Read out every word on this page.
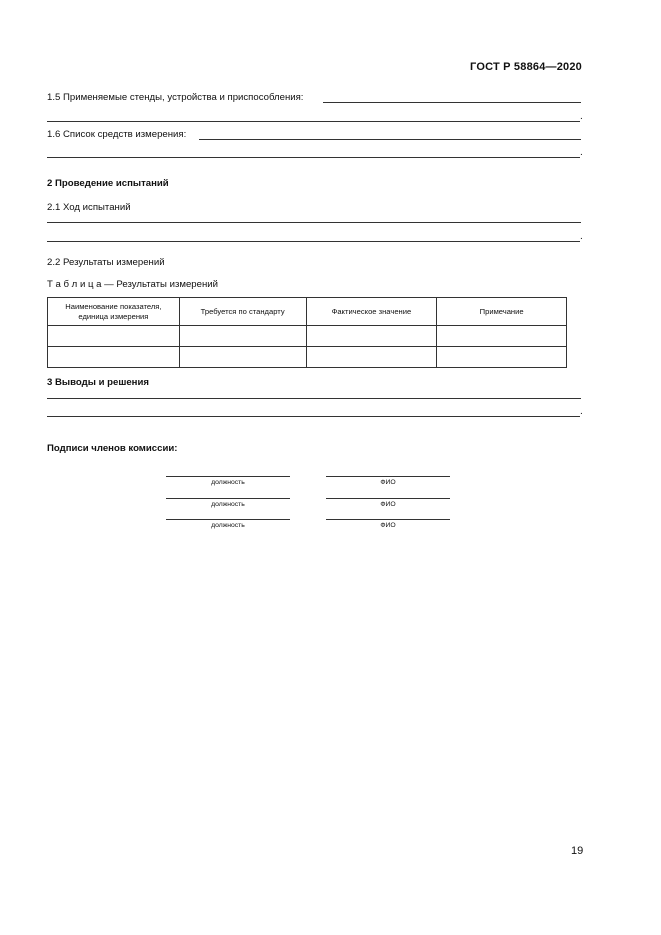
ГОСТ Р 58864—2020
1.5 Применяемые стенды, устройства и приспособления:
.
1.6 Список средств измерения:
.
2 Проведение испытаний
2.1 Ход испытаний
.
2.2 Результаты измерений
Т а б л и ц а — Результаты измерений
Наименование показателя, единица измерения	Требуется по стандарту	Фактическое значение	Примечание

3 Выводы и решения
.
Подписи членов комиссии:
должность	ФИО
должность	ФИО
должность	ФИО
19
